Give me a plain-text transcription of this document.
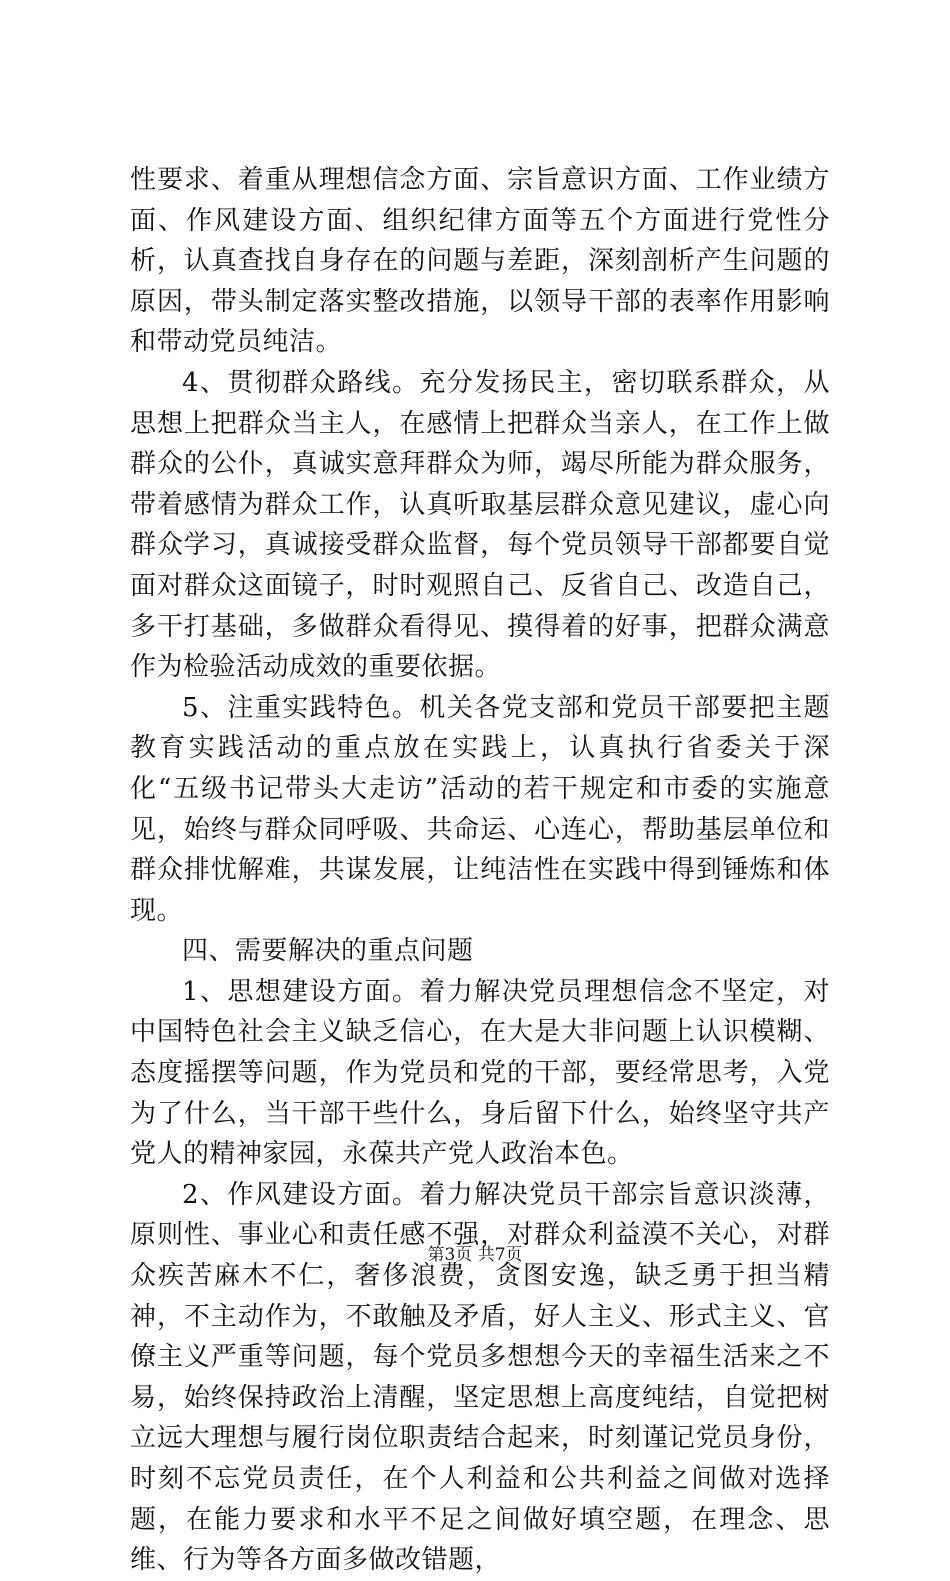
性要求、着重从理想信念方面、宗旨意识方面、工作业绩方面、作风建设方面、组织纪律方面等五个方面进行党性分析，认真查找自身存在的问题与差距，深刻剖析产生问题的原因，带头制定落实整改措施，以领导干部的表率作用影响和带动党员纯洁。

4、贯彻群众路线。充分发扬民主，密切联系群众，从思想上把群众当主人，在感情上把群众当亲人，在工作上做群众的公仆，真诚实意拜群众为师，竭尽所能为群众服务，带着感情为群众工作，认真听取基层群众意见建议，虚心向群众学习，真诚接受群众监督，每个党员领导干部都要自觉面对群众这面镜子，时时观照自己、反省自己、改造自己，多干打基础，多做群众看得见、摸得着的好事，把群众满意作为检验活动成效的重要依据。

5、注重实践特色。机关各党支部和党员干部要把主题教育实践活动的重点放在实践上，认真执行省委关于深化“五级书记带头大走访”活动的若干规定和市委的实施意见，始终与群众同呼吸、共命运、心连心，帮助基层单位和群众排忧解难，共谋发展，让纯洁性在实践中得到锤炼和体现。

四、需要解决的重点问题

1、思想建设方面。着力解决党员理想信念不坚定，对中国特色社会主义缺乏信心，在大是大非问题上认识模糊、态度摇摆等问题，作为党员和党的干部，要经常思考，入党为了什么，当干部干些什么，身后留下什么，始终坚守共产党人的精神家园，永葆共产党人政治本色。

2、作风建设方面。着力解决党员干部宗旨意识淡薄，原则性、事业心和责任感不强，对群众利益漠不关心，对群众疾苦麻木不仁，奢侈浪费，贪图安逸，缺乏勇于担当精神，不主动作为，不敢触及矛盾，好人主义、形式主义、官僚主义严重等问题，每个党员多想想今天的幸福生活来之不易，始终保持政治上清醒，坚定思想上高度纯结，自觉把树立远大理想与履行岗位职责结合起来，时刻谨记党员身份，时刻不忘党员责任，在个人利益和公共利益之间做对选择题，在能力要求和水平不足之间做好填空题，在理念、思维、行为等各方面多做改错题，

第3页 共7页
